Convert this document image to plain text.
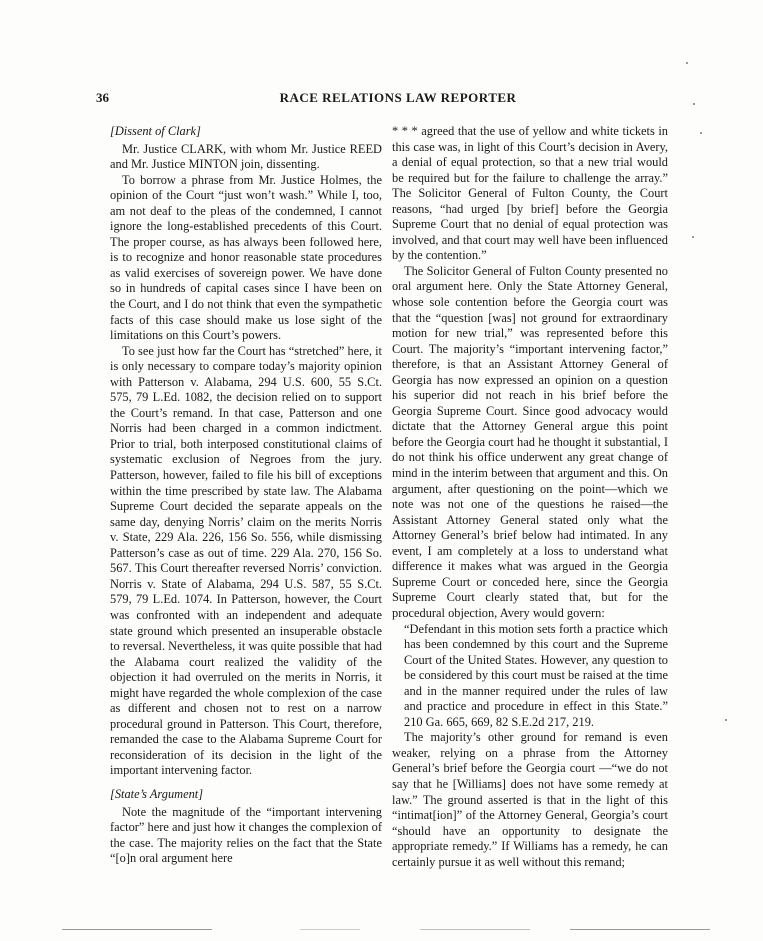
36	RACE RELATIONS LAW REPORTER

[Dissent of Clark]

Mr. Justice CLARK, with whom Mr. Justice REED and Mr. Justice MINTON join, dissenting.

To borrow a phrase from Mr. Justice Holmes, the opinion of the Court “just won’t wash.” While I, too, am not deaf to the pleas of the condemned, I cannot ignore the long-established precedents of this Court. The proper course, as has always been followed here, is to recognize and honor reasonable state procedures as valid exercises of sovereign power. We have done so in hundreds of capital cases since I have been on the Court, and I do not think that even the sympathetic facts of this case should make us lose sight of the limitations on this Court’s powers.

To see just how far the Court has “stretched” here, it is only necessary to compare today’s majority opinion with Patterson v. Alabama, 294 U.S. 600, 55 S.Ct. 575, 79 L.Ed. 1082, the decision relied on to support the Court’s remand. In that case, Patterson and one Norris had been charged in a common indictment. Prior to trial, both interposed constitutional claims of systematic exclusion of Negroes from the jury. Patterson, however, failed to file his bill of exceptions within the time prescribed by state law. The Alabama Supreme Court decided the separate appeals on the same day, denying Norris’ claim on the merits Norris v. State, 229 Ala. 226, 156 So. 556, while dismissing Patterson’s case as out of time. 229 Ala. 270, 156 So. 567. This Court thereafter reversed Norris’ conviction. Norris v. State of Alabama, 294 U.S. 587, 55 S.Ct. 579, 79 L.Ed. 1074. In Patterson, however, the Court was confronted with an independent and adequate state ground which presented an insuperable obstacle to reversal. Nevertheless, it was quite possible that had the Alabama court realized the validity of the objection it had overruled on the merits in Norris, it might have regarded the whole complexion of the case as different and chosen not to rest on a narrow procedural ground in Patterson. This Court, therefore, remanded the case to the Alabama Supreme Court for reconsideration of its decision in the light of the important intervening factor.

[State’s Argument]

Note the magnitude of the “important intervening factor” here and just how it changes the complexion of the case. The majority relies on the fact that the State “[o]n oral argument here

* * * agreed that the use of yellow and white tickets in this case was, in light of this Court’s decision in Avery, a denial of equal protection, so that a new trial would be required but for the failure to challenge the array.” The Solicitor General of Fulton County, the Court reasons, “had urged [by brief] before the Georgia Supreme Court that no denial of equal protection was involved, and that court may well have been influenced by the contention.”

The Solicitor General of Fulton County presented no oral argument here. Only the State Attorney General, whose sole contention before the Georgia court was that the “question [was] not ground for extraordinary motion for new trial,” was represented before this Court. The majority’s “important intervening factor,” therefore, is that an Assistant Attorney General of Georgia has now expressed an opinion on a question his superior did not reach in his brief before the Georgia Supreme Court. Since good advocacy would dictate that the Attorney General argue this point before the Georgia court had he thought it substantial, I do not think his office underwent any great change of mind in the interim between that argument and this. On argument, after questioning on the point—which we note was not one of the questions he raised—the Assistant Attorney General stated only what the Attorney General’s brief below had intimated. In any event, I am completely at a loss to understand what difference it makes what was argued in the Georgia Supreme Court or conceded here, since the Georgia Supreme Court clearly stated that, but for the procedural objection, Avery would govern:

“Defendant in this motion sets forth a practice which has been condemned by this court and the Supreme Court of the United States. However, any question to be considered by this court must be raised at the time and in the manner required under the rules of law and practice and procedure in effect in this State.” 210 Ga. 665, 669, 82 S.E.2d 217, 219.

The majority’s other ground for remand is even weaker, relying on a phrase from the Attorney General’s brief before the Georgia court —“we do not say that he [Williams] does not have some remedy at law.” The ground asserted is that in the light of this “intimat[ion]” of the Attorney General, Georgia’s court “should have an opportunity to designate the appropriate remedy.” If Williams has a remedy, he can certainly pursue it as well without this remand;
